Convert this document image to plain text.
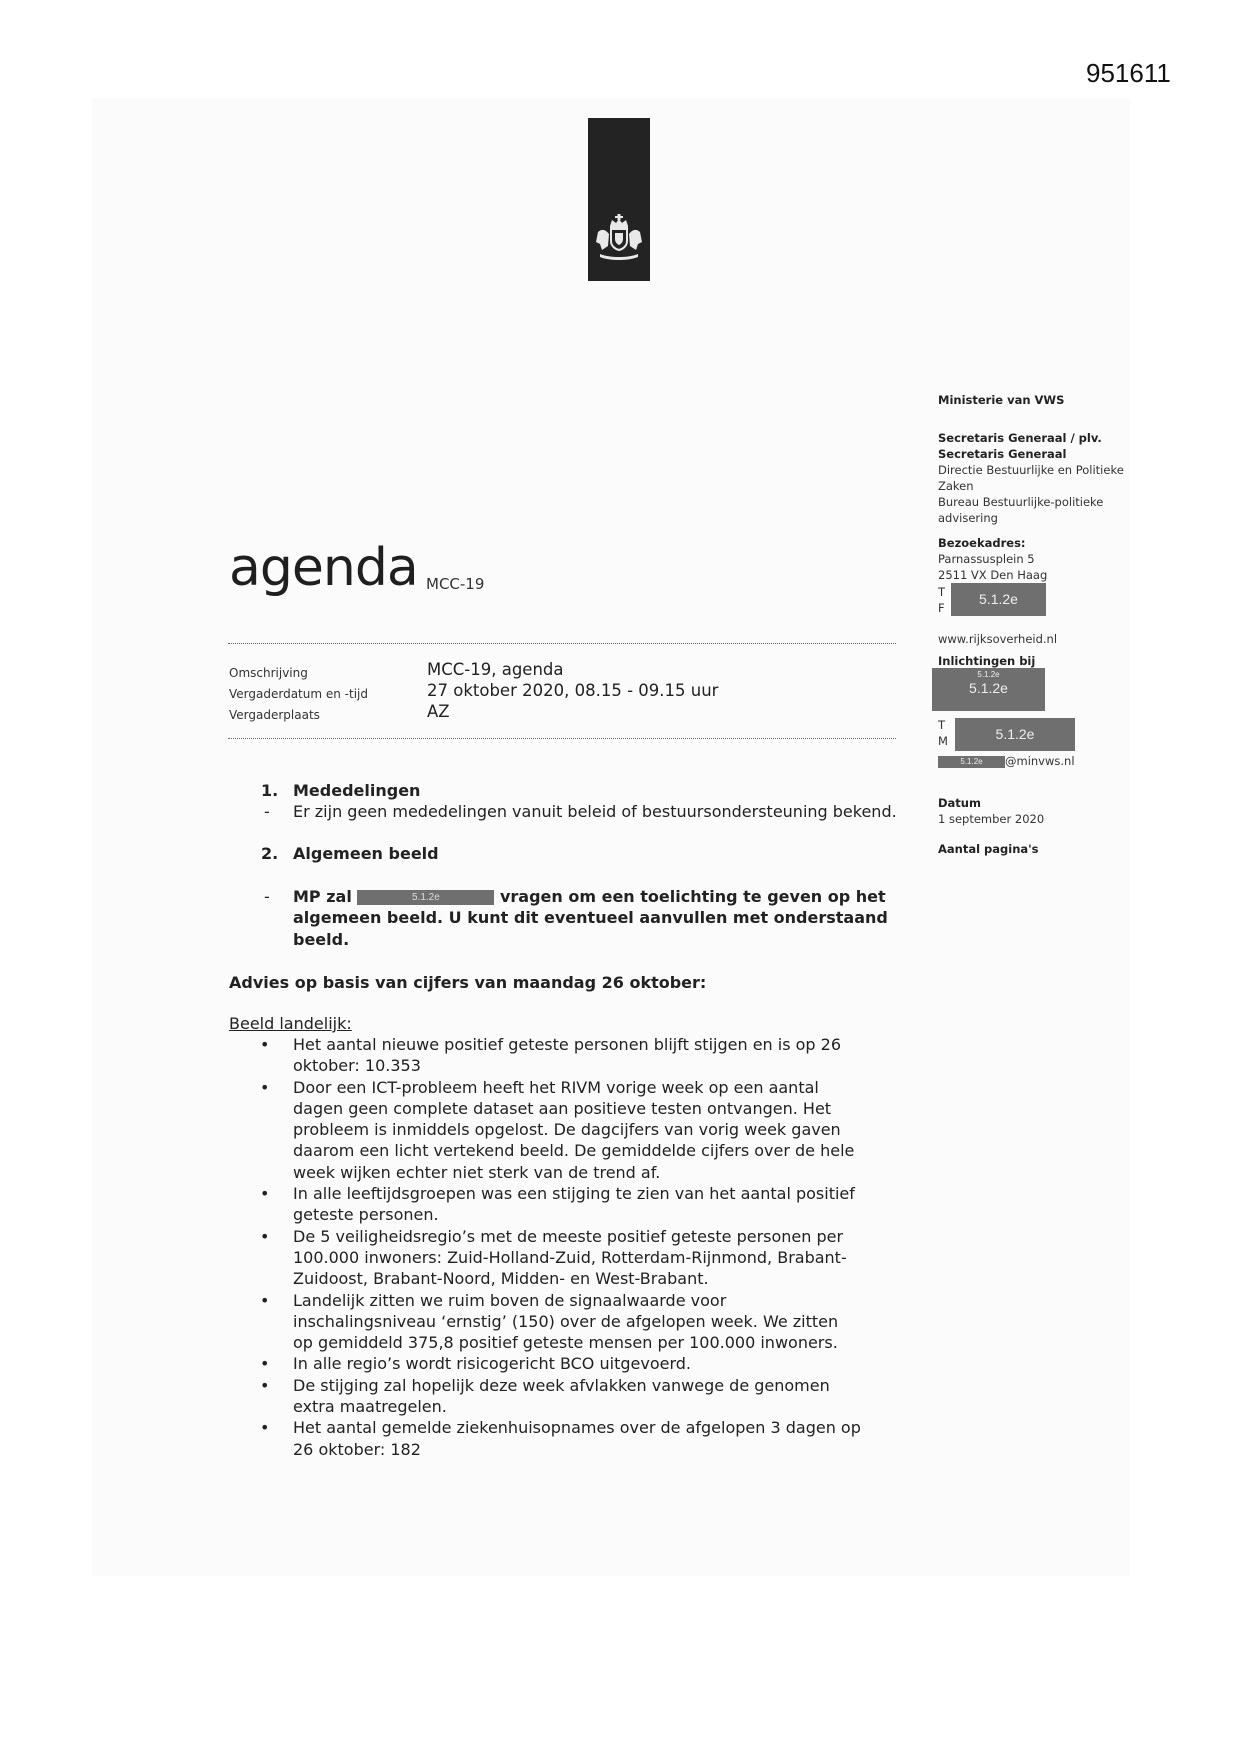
951611
Ministerie van VWS
Secretaris Generaal / plv.
Secretaris Generaal
Directie Bestuurlijke en Politieke
Zaken
Bureau Bestuurlijke-politieke
advisering
Bezoekadres:
Parnassusplein 5
2511 VX Den Haag
T
F
5.1.2e
www.rijksoverheid.nl
Inlichtingen bij
5.1.2e
5.1.2e
T
M	5.1.2e
5.1.2e @minvws.nl
Datum
1 september 2020
Aantal pagina's
agenda MCC-19
Omschrijving	MCC-19, agenda
Vergaderdatum en -tijd	27 oktober 2020, 08.15 - 09.15 uur
Vergaderplaats	AZ
1. Mededelingen
- Er zijn geen mededelingen vanuit beleid of bestuursondersteuning bekend.
2. Algemeen beeld
- MP zal	5.1.2e	vragen om een toelichting te geven op het
algemeen beeld. U kunt dit eventueel aanvullen met onderstaand
beeld.
Advies op basis van cijfers van maandag 26 oktober:
Beeld landelijk:
• Het aantal nieuwe positief geteste personen blijft stijgen en is op 26 oktober: 10.353
• Door een ICT-probleem heeft het RIVM vorige week op een aantal dagen geen complete dataset aan positieve testen ontvangen. Het probleem is inmiddels opgelost. De dagcijfers van vorig week gaven daarom een licht vertekend beeld. De gemiddelde cijfers over de hele week wijken echter niet sterk van de trend af.
• In alle leeftijdsgroepen was een stijging te zien van het aantal positief geteste personen.
• De 5 veiligheidsregio’s met de meeste positief geteste personen per 100.000 inwoners: Zuid-Holland-Zuid, Rotterdam-Rijnmond, Brabant-Zuidoost, Brabant-Noord, Midden- en West-Brabant.
• Landelijk zitten we ruim boven de signaalwaarde voor inschalingsniveau ‘ernstig’ (150) over de afgelopen week. We zitten op gemiddeld 375,8 positief geteste mensen per 100.000 inwoners.
• In alle regio’s wordt risicogericht BCO uitgevoerd.
• De stijging zal hopelijk deze week afvlakken vanwege de genomen extra maatregelen.
• Het aantal gemelde ziekenhuisopnames over de afgelopen 3 dagen op 26 oktober: 182
